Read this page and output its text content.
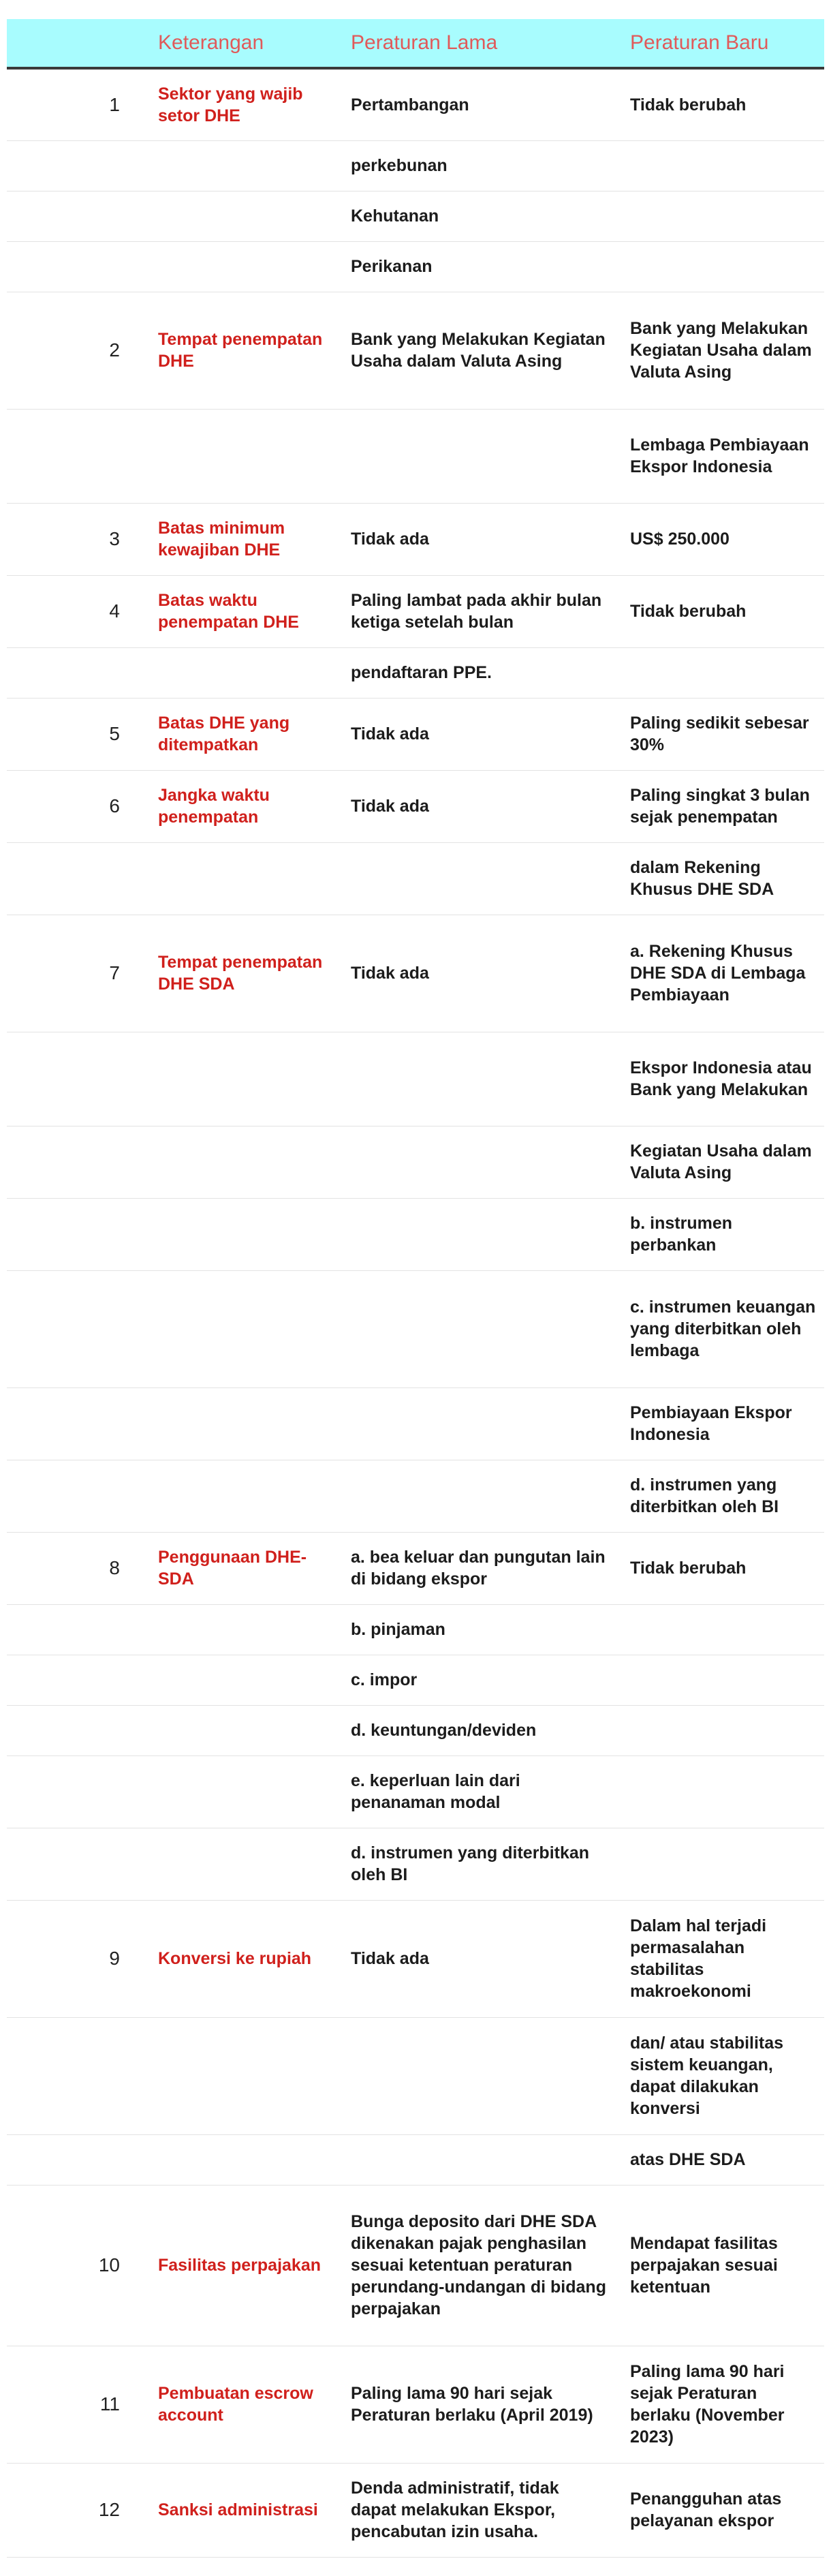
	Keterangan	Peraturan Lama	Peraturan Baru
1	Sektor yang wajib setor DHE	Pertambangan	Tidak berubah
		perkebunan	
		Kehutanan	
		Perikanan	
2	Tempat penempatan DHE	Bank yang Melakukan Kegiatan Usaha dalam Valuta Asing	Bank yang Melakukan Kegiatan Usaha dalam Valuta Asing
			Lembaga Pembiayaan Ekspor Indonesia
3	Batas minimum kewajiban DHE	Tidak ada	US$ 250.000
4	Batas waktu penempatan DHE	Paling lambat pada akhir bulan ketiga setelah bulan	Tidak berubah
		pendaftaran PPE.	
5	Batas DHE yang ditempatkan	Tidak ada	Paling sedikit sebesar 30%
6	Jangka waktu penempatan	Tidak ada	Paling singkat 3 bulan sejak penempatan
			dalam Rekening Khusus DHE SDA
7	Tempat penempatan DHE SDA	Tidak ada	a. Rekening Khusus DHE SDA di Lembaga Pembiayaan
			Ekspor Indonesia atau Bank yang Melakukan
			Kegiatan Usaha dalam Valuta Asing
			b. instrumen perbankan
			c. instrumen keuangan yang diterbitkan oleh lembaga
			Pembiayaan Ekspor Indonesia
			d. instrumen yang diterbitkan oleh BI
8	Penggunaan DHE-SDA	a. bea keluar dan pungutan lain di bidang ekspor	Tidak berubah
		b. pinjaman	
		c. impor	
		d. keuntungan/deviden	
		e. keperluan lain dari penanaman modal	
		d. instrumen yang diterbitkan oleh BI	
9	Konversi ke rupiah	Tidak ada	Dalam hal terjadi permasalahan stabilitas makroekonomi
			dan/ atau stabilitas sistem keuangan, dapat dilakukan konversi
			atas DHE SDA
10	Fasilitas perpajakan	Bunga deposito dari DHE SDA dikenakan pajak penghasilan sesuai ketentuan peraturan perundang-undangan di bidang perpajakan	Mendapat fasilitas perpajakan sesuai ketentuan
11	Pembuatan escrow account	Paling lama 90 hari sejak Peraturan berlaku (April 2019)	Paling lama 90 hari sejak Peraturan berlaku (November 2023)
12	Sanksi administrasi	Denda administratif, tidak dapat melakukan Ekspor, pencabutan izin usaha.	Penangguhan atas pelayanan ekspor
